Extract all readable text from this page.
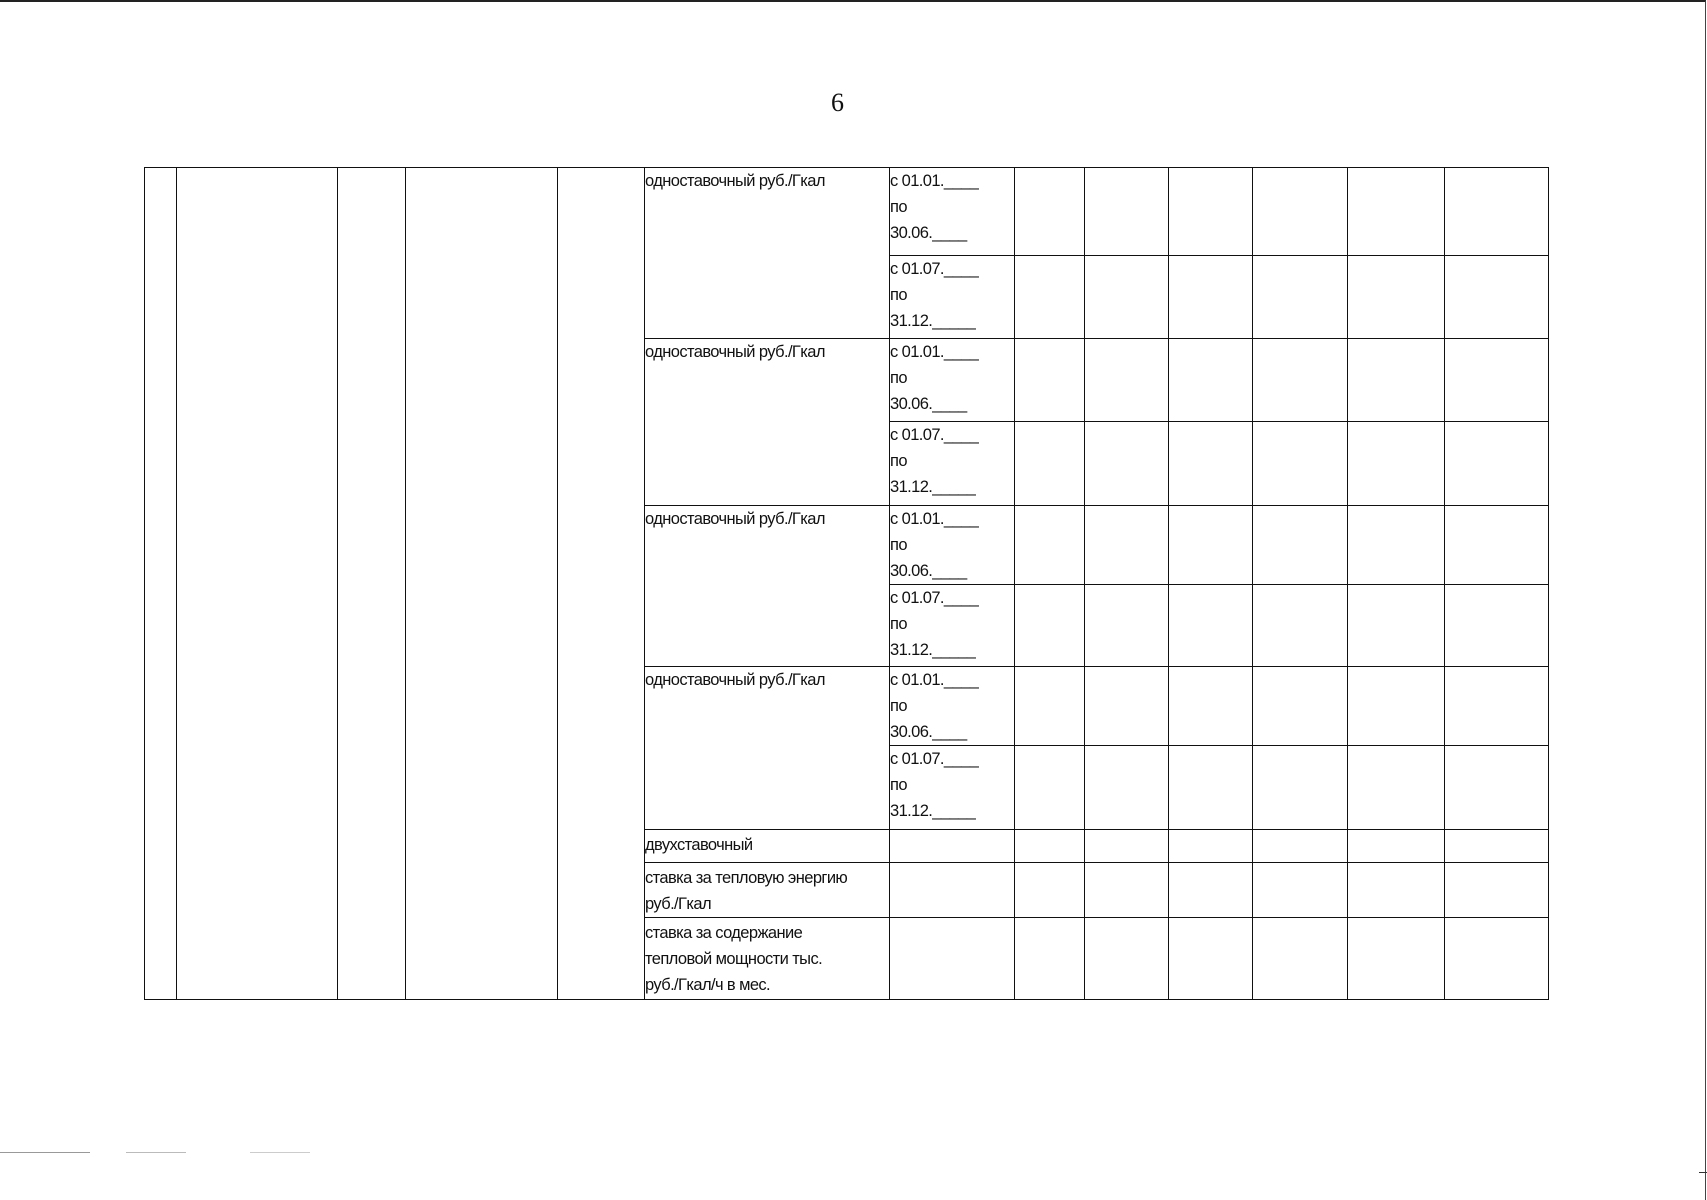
6
					одноставочный руб./Гкал	с 01.01.____
по
30.06.____						

						с 01.07.____
по
31.12._____						

					одноставочный руб./Гкал	с 01.01.____
по
30.06.____						

						с 01.07.____
по
31.12._____						

					одноставочный руб./Гкал	с 01.01.____
по
30.06.____						

						с 01.07.____
по
31.12._____						

					одноставочный руб./Гкал	с 01.01.____
по
30.06.____						

						с 01.07.____
по
31.12._____						

					двухставочный							

					ставка за тепловую энергию
руб./Гкал							

					ставка за содержание
тепловой мощности тыс.
руб./Гкал/ч в мес.							
